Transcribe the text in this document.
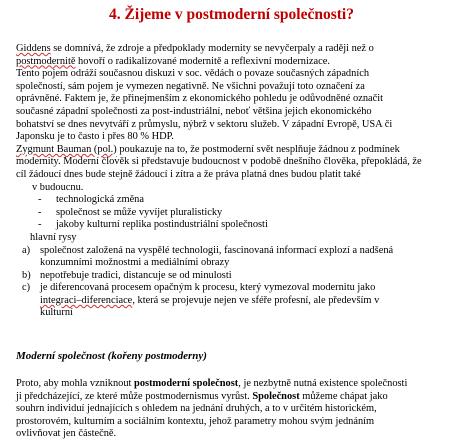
4. Žijeme v postmoderní společnosti?
Giddens se domnívá, že zdroje a předpoklady modernity se nevyčerpaly a raději než o
postmodernitě hovoří o radikalizované modernitě a reflexivní modernizace.
Tento pojem odráží současnou diskuzi v soc. vědách o povaze současných západních
společností, sám pojem je vymezen negativně. Ne všichni považují toto označení za
oprávněné. Faktem je, že přinejmenším z ekonomického pohledu je odůvodněné označit
současné západní společnosti za post-industriální, neboť většina jejich ekonomického
bohatství se dnes nevytváří z průmyslu, nýbrž v sektoru služeb. V západní Evropě, USA či
Japonsku je to často i přes 80 % HDP.
Zygmunt Bauman (pol.) poukazuje na to, že postmoderní svět nesplňuje žádnou z podmínek
modernity. Moderní člověk si představuje budoucnost v podobě dnešního člověka, přepokládá, že
cíl žádoucí dnes bude stejně žádoucí i zítra a že práva platná dnes budou platit také
v budoucnu.
- technologická změna
- společnost se může vyvíjet pluralisticky
- jakoby kulturní replika postindustriální společnosti
hlavní rysy
a) společnost založená na vyspělé technologii, fascinovaná informací explozí a nadšená
konzumními možnostmi a mediálními obrazy
b) nepotřebuje tradici, distancuje se od minulosti
c) je diferencovaná procesem opačným k procesu, který vymezoval modernitu jako
integraci–diferenciace, která se projevuje nejen ve sféře profesní, ale především v
kulturní
Moderní společnost (kořeny postmoderny)
Proto, aby mohla vzniknout postmoderní společnost, je nezbytně nutná existence společnosti
ji předcházející, ze které může postmodernismus vyrůst. Společnost můžeme chápat jako
souhrn individuí jednajících s ohledem na jednání druhých, a to v určitém historickém,
prostorovém, kulturním a sociálním kontextu, jehož parametry mohou svým jednáním
ovlivňovat jen částečně.
